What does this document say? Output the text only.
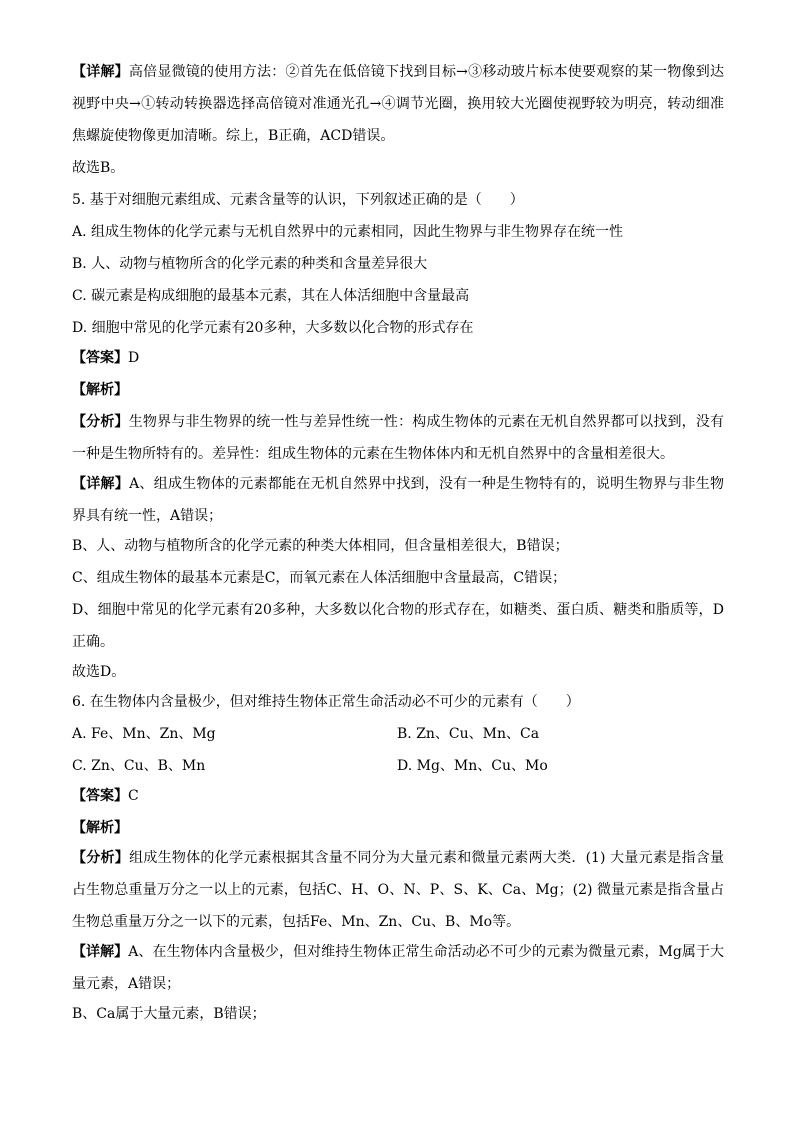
【详解】高倍显微镜的使用方法：②首先在低倍镜下找到目标→③移动玻片标本使要观察的某一物像到达视野中央→①转动转换器选择高倍镜对准通光孔→④调节光圈，换用较大光圈使视野较为明亮，转动细准焦螺旋使物像更加清晰。综上，B正确，ACD错误。
故选B。
5. 基于对细胞元素组成、元素含量等的认识，下列叙述正确的是（　　）
A. 组成生物体的化学元素与无机自然界中的元素相同，因此生物界与非生物界存在统一性
B. 人、动物与植物所含的化学元素的种类和含量差异很大
C. 碳元素是构成细胞的最基本元素，其在人体活细胞中含量最高
D. 细胞中常见的化学元素有20多种，大多数以化合物的形式存在
【答案】D
【解析】
【分析】生物界与非生物界的统一性与差异性统一性：构成生物体的元素在无机自然界都可以找到，没有一种是生物所特有的。差异性：组成生物体的元素在生物体体内和无机自然界中的含量相差很大。
【详解】A、组成生物体的元素都能在无机自然界中找到，没有一种是生物特有的，说明生物界与非生物界具有统一性，A错误；
B、人、动物与植物所含的化学元素的种类大体相同，但含量相差很大，B错误；
C、组成生物体的最基本元素是C，而氧元素在人体活细胞中含量最高，C错误；
D、细胞中常见的化学元素有20多种，大多数以化合物的形式存在，如糖类、蛋白质、糖类和脂质等，D正确。
故选D。
6. 在生物体内含量极少，但对维持生物体正常生命活动必不可少的元素有（　　）
A. Fe、Mn、Zn、Mg	B. Zn、Cu、Mn、Ca
C. Zn、Cu、B、Mn	D. Mg、Mn、Cu、Mo
【答案】C
【解析】
【分析】组成生物体的化学元素根据其含量不同分为大量元素和微量元素两大类．(1) 大量元素是指含量占生物总重量万分之一以上的元素，包括C、H、O、N、P、S、K、Ca、Mg；(2) 微量元素是指含量占生物总重量万分之一以下的元素，包括Fe、Mn、Zn、Cu、B、Mo等。
【详解】A、在生物体内含量极少，但对维持生物体正常生命活动必不可少的元素为微量元素，Mg属于大量元素，A错误；
B、Ca属于大量元素，B错误；
